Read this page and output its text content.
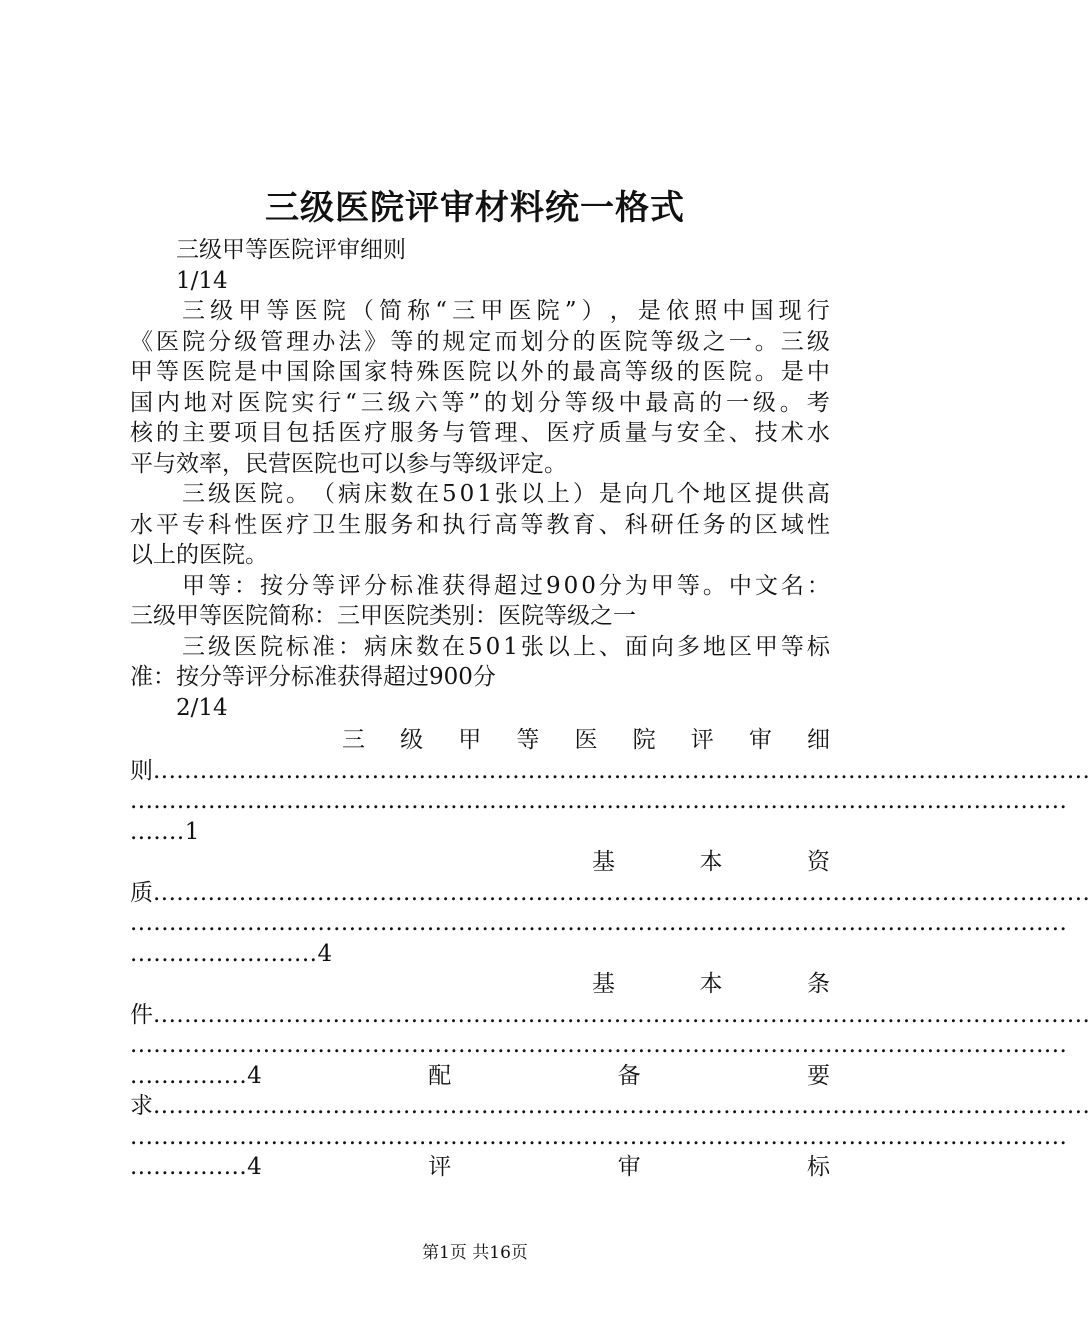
三级医院评审材料统一格式
三级甲等医院评审细则
1/14
三 级 甲 等 医 院 （ 简 称 “ 三 甲 医 院 ” ） ， 是 依 照 中 国 现 行
《 医 院 分 级 管 理 办 法 》 等 的 规 定 而 划 分 的 医 院 等 级 之 一 。 三 级
甲 等 医 院 是 中 国 除 国 家 特 殊 医 院 以 外 的 最 高 等 级 的 医 院 。 是 中
国 内 地 对 医 院 实 行 “ 三 级 六 等 ” 的 划 分 等 级 中 最 高 的 一 级 。 考
核 的 主 要 项 目 包 括 医 疗 服 务 与 管 理 、 医 疗 质 量 与 安 全 、 技 术 水
平与效率，民营医院也可以参与等级评定。
三 级 医 院 。 （ 病 床 数 在 5 0 1 张 以 上 ） 是 向 几 个 地 区 提 供 高
水 平 专 科 性 医 疗 卫 生 服 务 和 执 行 高 等 教 育 、 科 研 任 务 的 区 域 性
以上的医院。
甲 等 ： 按 分 等 评 分 标 准 获 得 超 过 9 0 0 分 为 甲 等 。 中 文 名 ：
三级甲等医院简称：三甲医院类别：医院等级之一
三 级 医 院 标 准 ： 病 床 数 在 5 0 1 张 以 上 、 面 向 多 地 区 甲 等 标
准：按分等评分标准获得超过900分
2/14
三 级 甲 等 医 院 评 审 细
则........................................................................................................................
........................................................................................................................
.......1
基	本	资
质........................................................................................................................
........................................................................................................................
........................4
基	本	条
件........................................................................................................................
........................................................................................................................
...............4	配	备	要
求........................................................................................................................
........................................................................................................................
...............4	评	审	标
第1页 共16页
